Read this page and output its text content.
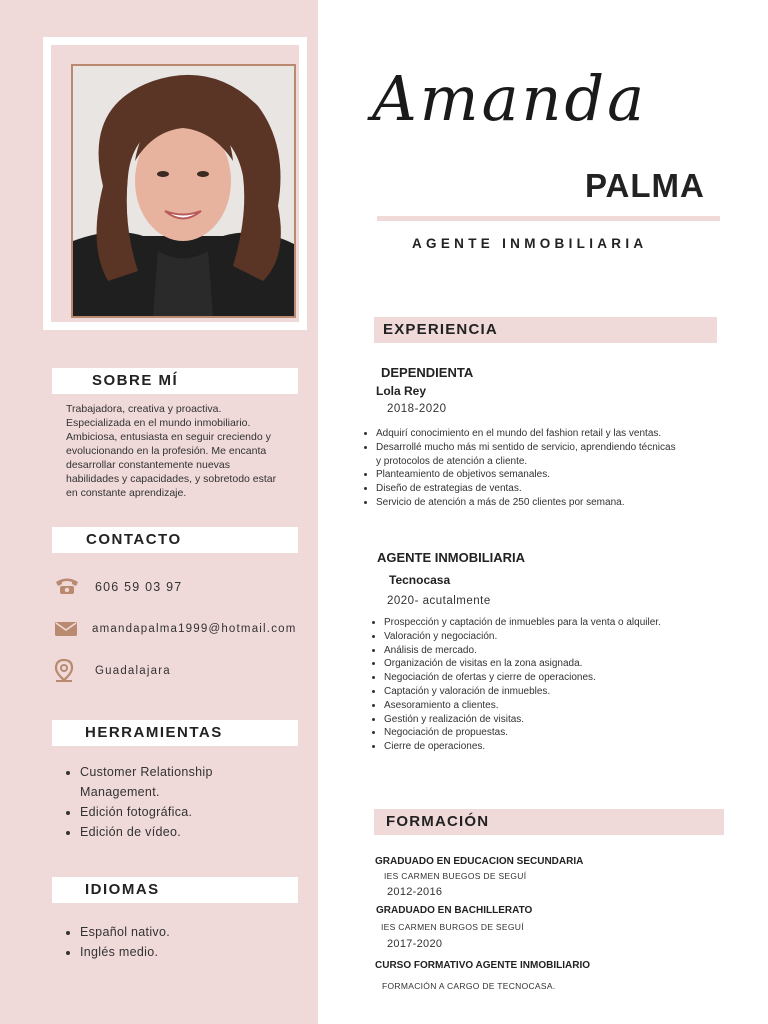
SOBRE MÍ
Trabajadora, creativa y proactiva. Especializada en el mundo inmobiliario. Ambiciosa, entusiasta en seguir creciendo y evolucionando en la profesión. Me encanta desarrollar constantemente nuevas habilidades y capacidades, y sobretodo estar en constante aprendizaje.
CONTACTO
606 59 03 97
amandapalma1999@hotmail.com
Guadalajara
HERRAMIENTAS
• Customer Relationship Management.
• Edición fotográfica.
• Edición de vídeo.
IDIOMAS
• Español nativo.
• Inglés medio.
Amanda
PALMA
AGENTE INMOBILIARIA
EXPERIENCIA
DEPENDIENTA
Lola Rey
2018-2020
• Adquirí conocimiento en el mundo del fashion retail y las ventas.
• Desarrollé mucho más mi sentido de servicio, aprendiendo técnicas y protocolos de atención a cliente.
• Planteamiento de objetivos semanales.
• Diseño de estrategias de ventas.
• Servicio de atención a más de 250 clientes por semana.
AGENTE INMOBILIARIA
Tecnocasa
2020- acutalmente
• Prospección y captación de inmuebles para la venta o alquiler.
• Valoración y negociación.
• Análisis de mercado.
• Organización de visitas en la zona asignada.
• Negociación de ofertas y cierre de operaciones.
• Captación y valoración de inmuebles.
• Asesoramiento a clientes.
• Gestión y realización de visitas.
• Negociación de propuestas.
• Cierre de operaciones.
FORMACIÓN
GRADUADO EN EDUCACION SECUNDARIA
IES CARMEN BUEGOS DE SEGUÍ
2012-2016
GRADUADO EN BACHILLERATO
IES CARMEN BURGOS DE SEGUÍ
2017-2020
CURSO FORMATIVO AGENTE INMOBILIARIO
FORMACIÓN A CARGO DE TECNOCASA.
